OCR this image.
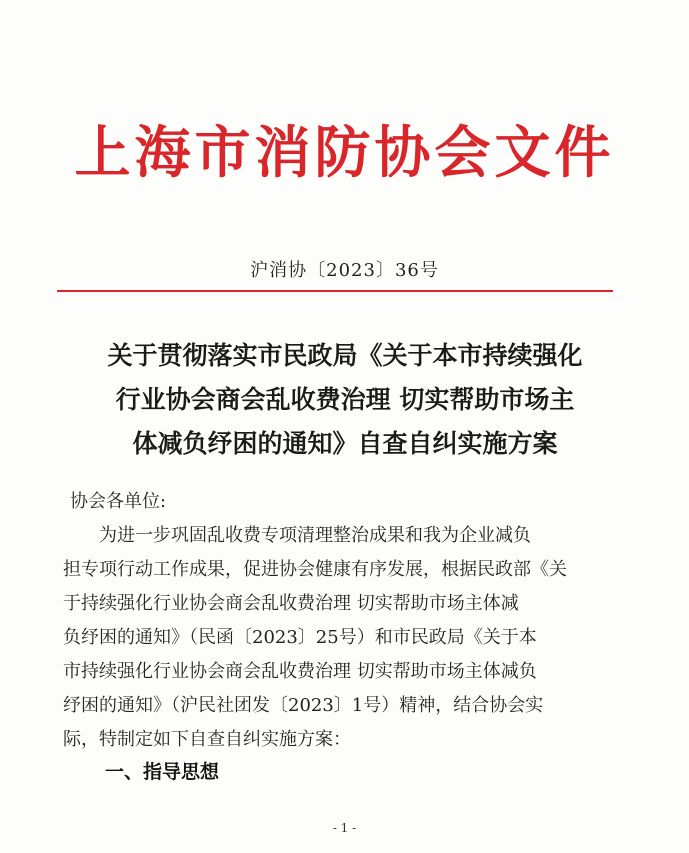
上海市消防协会文件
沪消协〔2023〕36号
关于贯彻落实市民政局《关于本市持续强化
行业协会商会乱收费治理 切实帮助市场主
体减负纾困的通知》自查自纠实施方案
协会各单位:
　　为进一步巩固乱收费专项清理整治成果和我为企业减负
担专项行动工作成果，促进协会健康有序发展，根据民政部《关
于持续强化行业协会商会乱收费治理 切实帮助市场主体减
负纾困的通知》（民函〔2023〕25号）和市民政局《关于本
市持续强化行业协会商会乱收费治理 切实帮助市场主体减负
纾困的通知》（沪民社团发〔2023〕1号）精神，结合协会实
际，特制定如下自查自纠实施方案：
一、指导思想
- 1 -
